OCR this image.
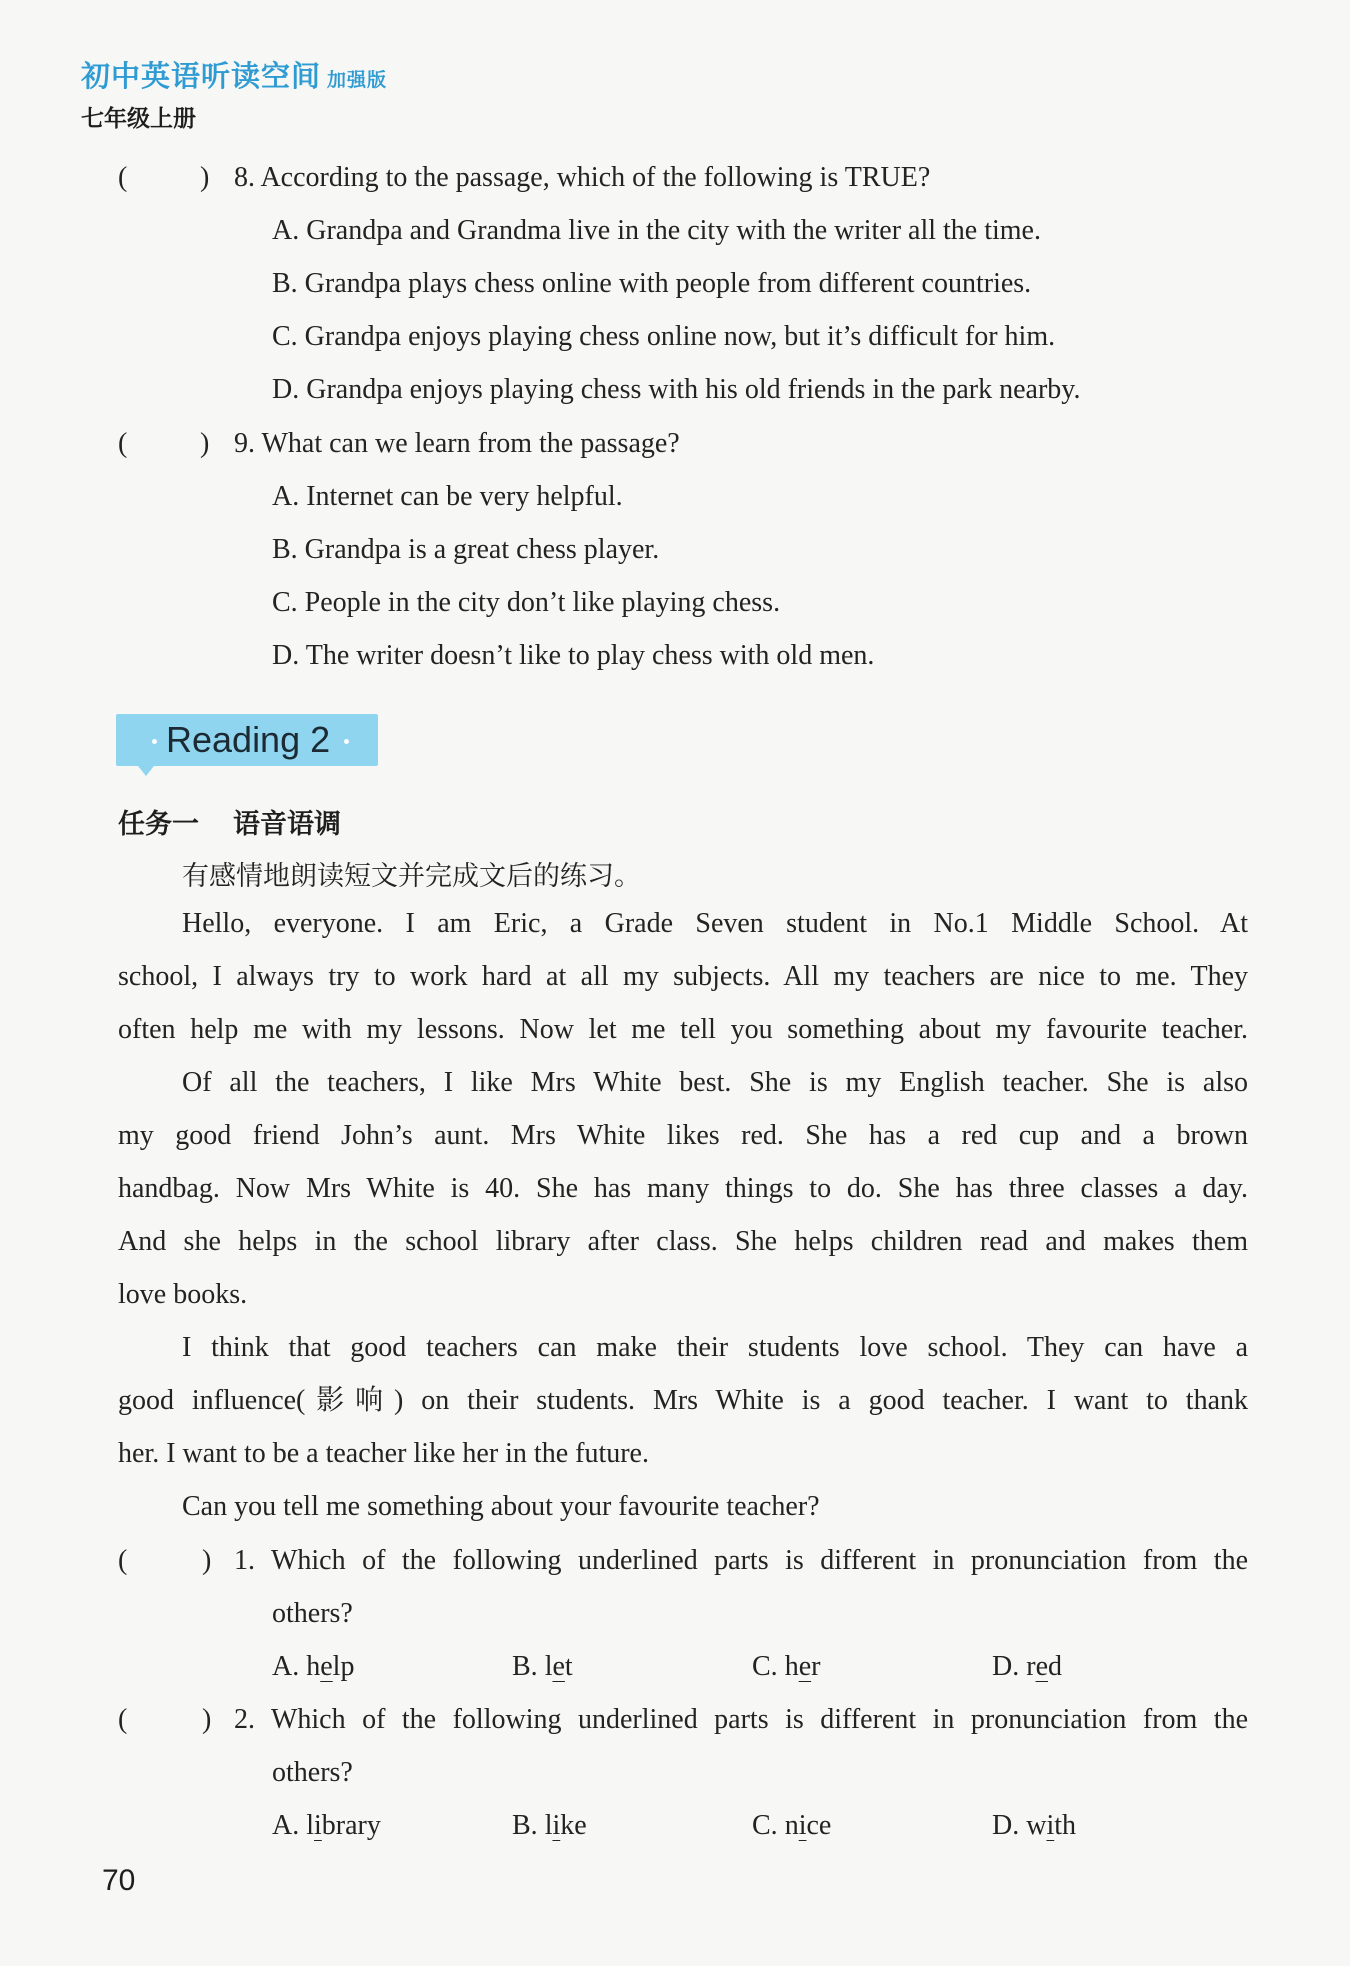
初中英语听读空间 加强版
七年级上册
(	) 8. According to the passage, which of the following is TRUE?
A. Grandpa and Grandma live in the city with the writer all the time.
B. Grandpa plays chess online with people from different countries.
C. Grandpa enjoys playing chess online now, but it’s difficult for him.
D. Grandpa enjoys playing chess with his old friends in the park nearby.
(	) 9. What can we learn from the passage?
A. Internet can be very helpful.
B. Grandpa is a great chess player.
C. People in the city don’t like playing chess.
D. The writer doesn’t like to play chess with old men.
Reading 2
任务一 语音语调
有感情地朗读短文并完成文后的练习。
Hello, everyone. I am Eric, a Grade Seven student in No.1 Middle School. At
school, I always try to work hard at all my subjects. All my teachers are nice to me. They
often help me with my lessons. Now let me tell you something about my favourite teacher.
Of all the teachers, I like Mrs White best. She is my English teacher. She is also
my good friend John’s aunt. Mrs White likes red. She has a red cup and a brown
handbag. Now Mrs White is 40. She has many things to do. She has three classes a day.
And she helps in the school library after class. She helps children read and makes them
love books.
I think that good teachers can make their students love school. They can have a
good influence(影响) on their students. Mrs White is a good teacher. I want to thank
her. I want to be a teacher like her in the future.
Can you tell me something about your favourite teacher?
(	) 1. Which of the following underlined parts is different in pronunciation from the
others?
A. help	B. let	C. her	D. red
(	) 2. Which of the following underlined parts is different in pronunciation from the
others?
A. library	B. like	C. nice	D. with
70
